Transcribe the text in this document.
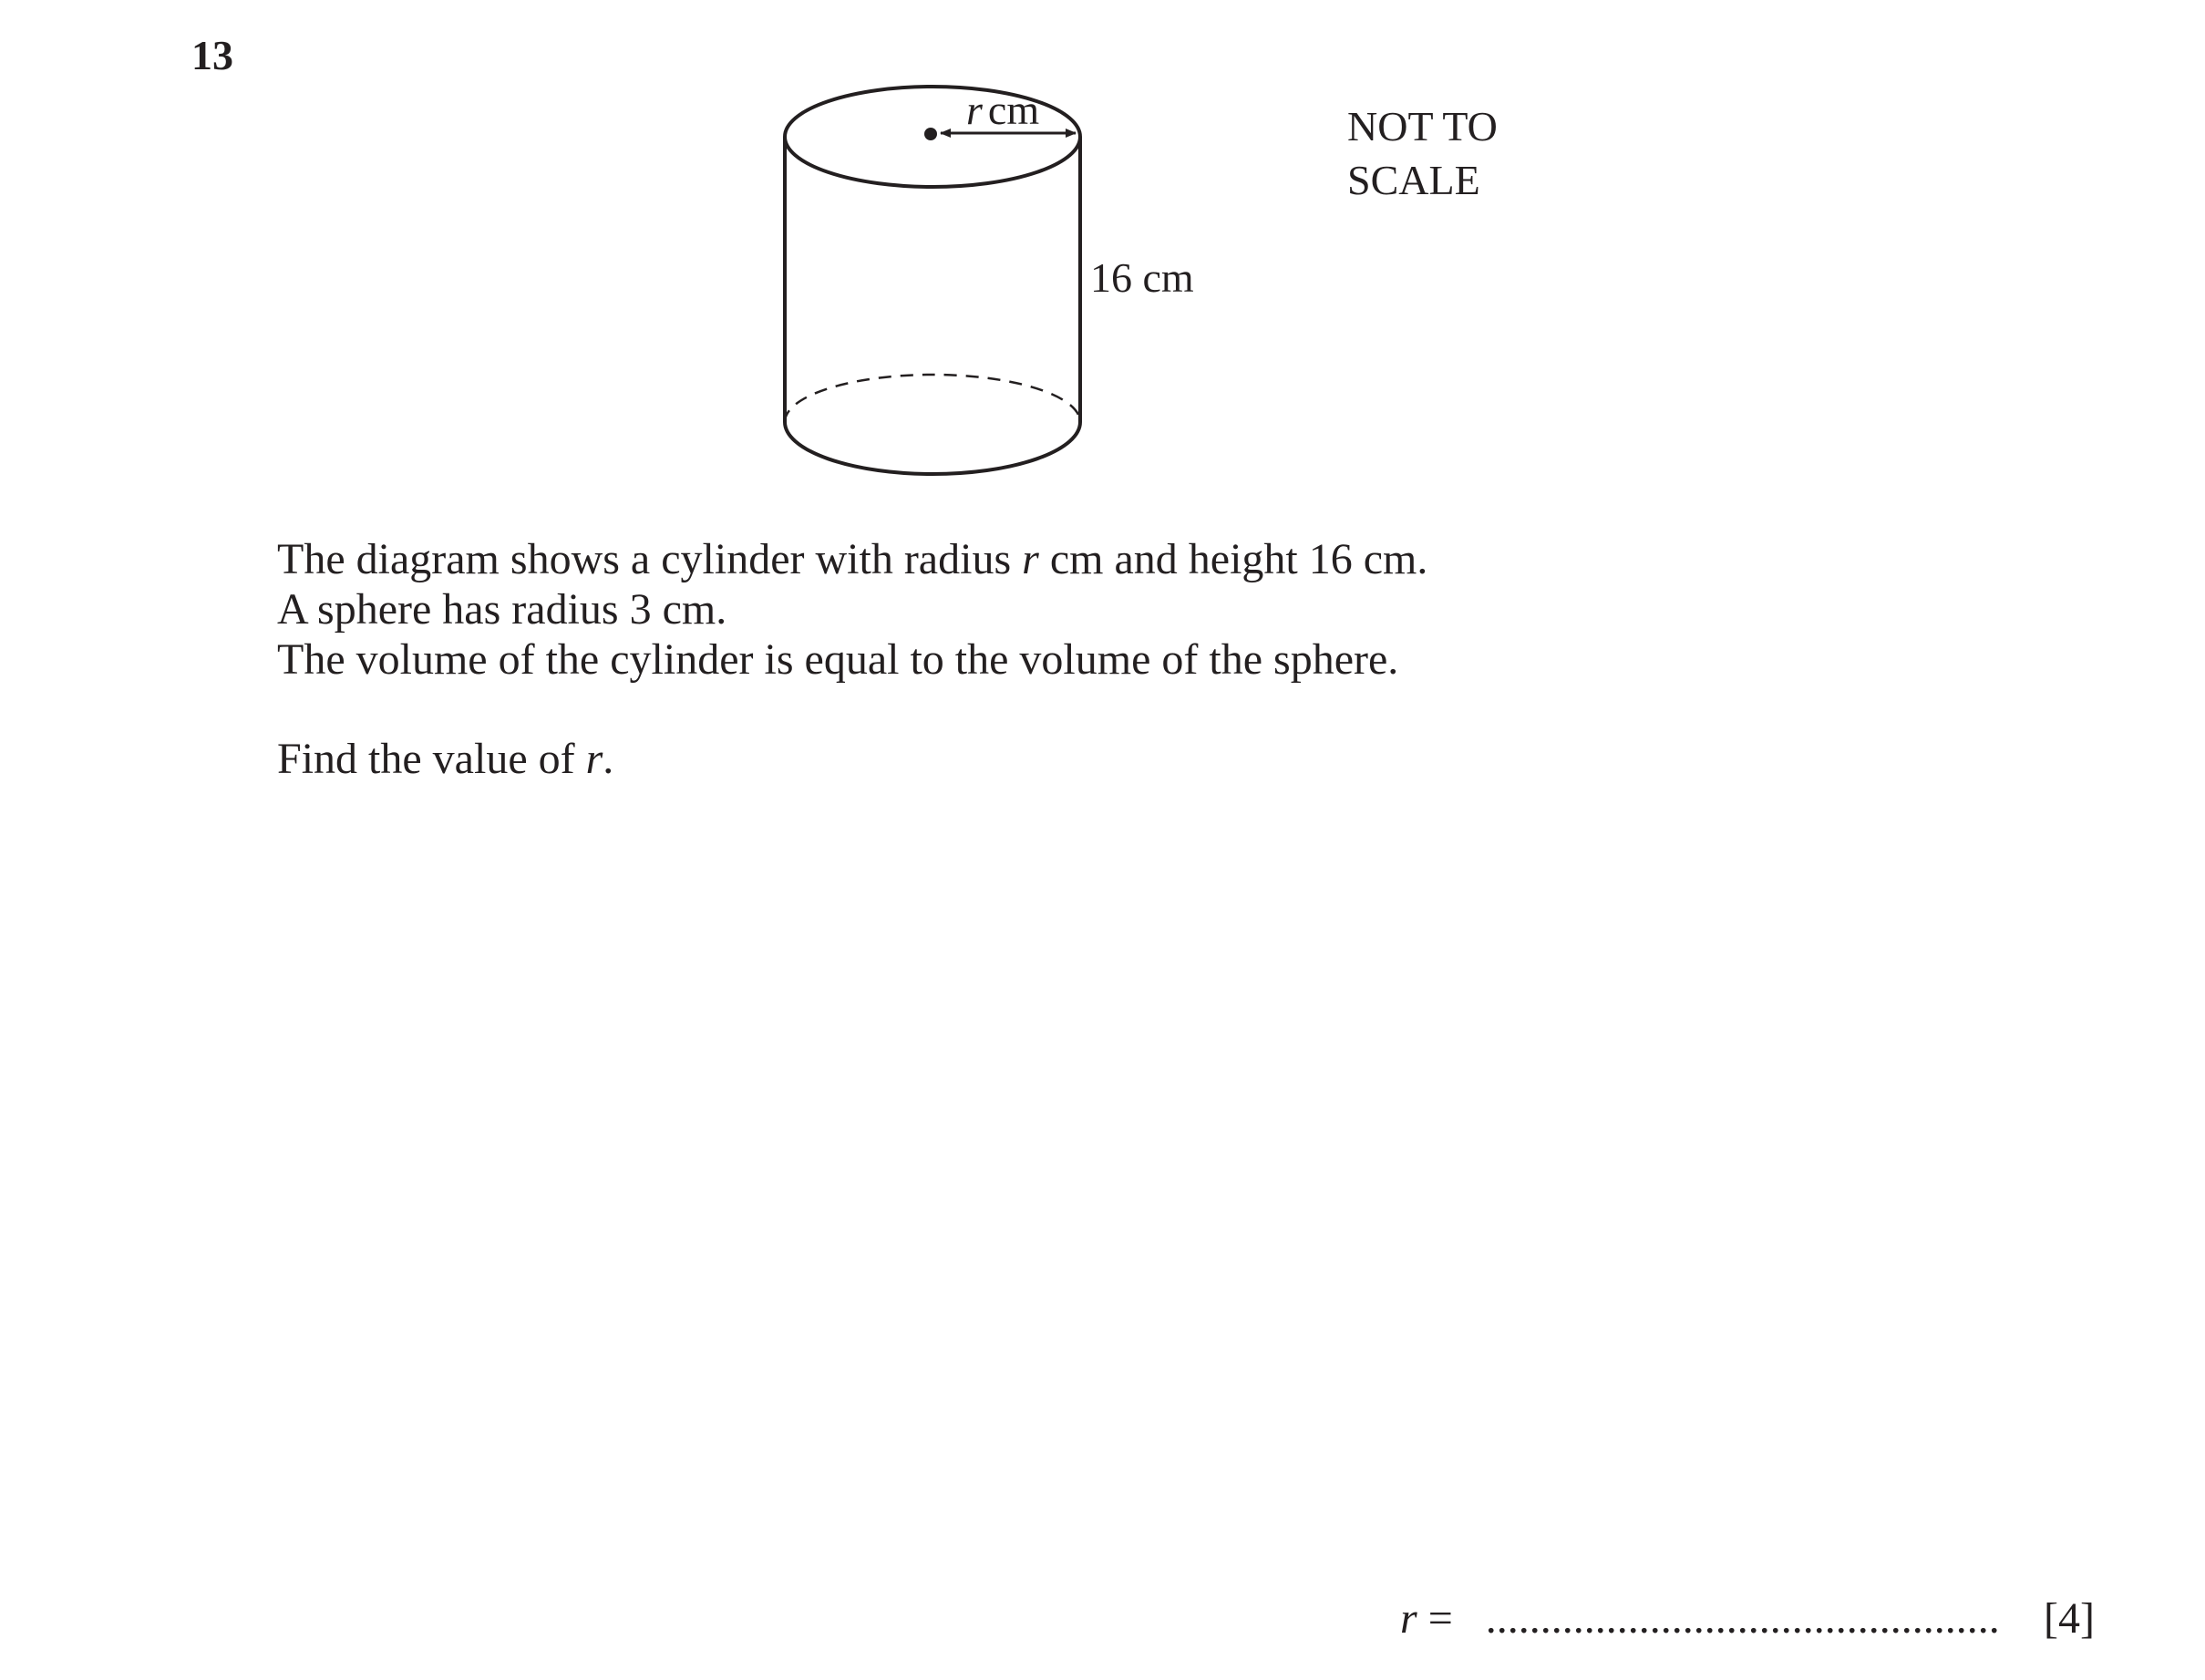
13
r cm
16 cm
NOT TO
SCALE

The diagram shows a cylinder with radius r cm and height 16 cm.

A sphere has radius 3 cm.

The volume of the cylinder is equal to the volume of the sphere.

Find the value of r.

r = ............................................... [4]
